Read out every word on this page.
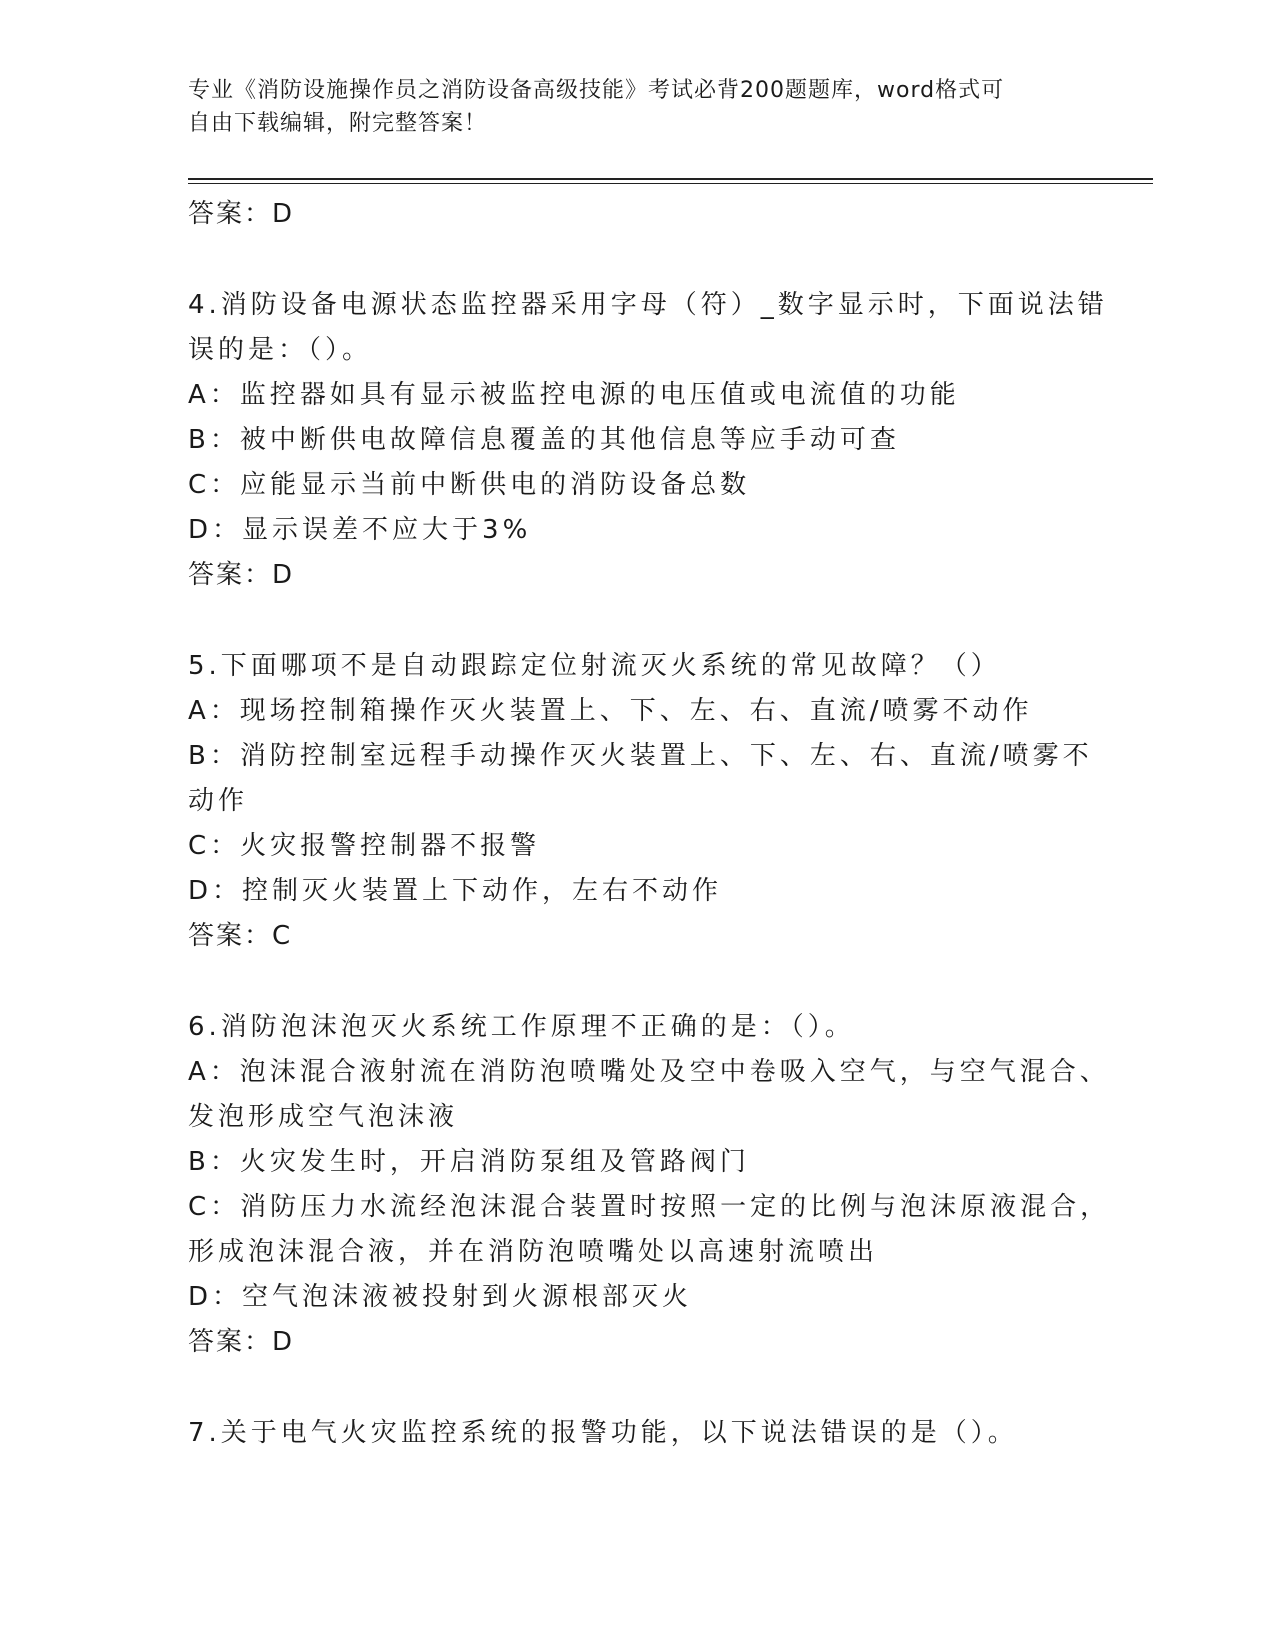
专业《消防设施操作员之消防设备高级技能》考试必背200题题库，word格式可
自由下载编辑，附完整答案！
答案：D
4.消防设备电源状态监控器采用字母（符）_数字显示时，下面说法错
误的是：（）。
A：监控器如具有显示被监控电源的电压值或电流值的功能
B：被中断供电故障信息覆盖的其他信息等应手动可查
C：应能显示当前中断供电的消防设备总数
D：显示误差不应大于3%
答案：D
5.下面哪项不是自动跟踪定位射流灭火系统的常见故障？（）
A：现场控制箱操作灭火装置上、下、左、右、直流/喷雾不动作
B：消防控制室远程手动操作灭火装置上、下、左、右、直流/喷雾不
动作
C：火灾报警控制器不报警
D：控制灭火装置上下动作，左右不动作
答案：C
6.消防泡沫泡灭火系统工作原理不正确的是：（）。
A：泡沫混合液射流在消防泡喷嘴处及空中卷吸入空气，与空气混合、
发泡形成空气泡沫液
B：火灾发生时，开启消防泵组及管路阀门
C：消防压力水流经泡沫混合装置时按照一定的比例与泡沫原液混合，
形成泡沫混合液，并在消防泡喷嘴处以高速射流喷出
D：空气泡沫液被投射到火源根部灭火
答案：D
7.关于电气火灾监控系统的报警功能，以下说法错误的是（）。
